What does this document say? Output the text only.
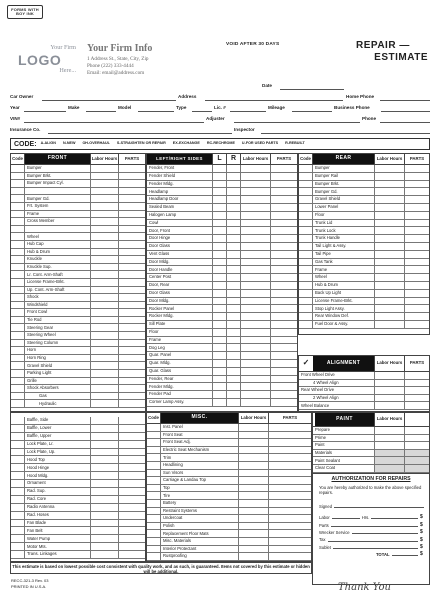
FORMS WITH BOY INK
Your Firm
LOGO
Here...
Your Firm Info
1 Address St., State, City, Zip
Phone (222) 333-4444
Email: email@address.com
VOID AFTER 30 DAYS	REPAIR —
ESTIMATE
Date
Car Owner	Address	Home Phone
Year	Make	Model	Type	Lic. #	Mileage	Business Phone
VIN#	Adjuster	Phone
Insurance Co.	Inspector
CODE: A-ALIGN N-NEW OH-OVERHAUL S-STRAIGHTEN OR REPAIR EX-EXCHANGE RC-RECHROME U-FOR USED PARTS R-REBUILT
Code	FRONT	Labor Hours	PARTS
Bumper
Bumper Brkt.
Bumper Impact Cyl.
Bumper Gd.
Frt. System
Frame
Cross Member
Wheel
Hub Cap
Hub & Drum
Knuckle
Knuckle Sup.
Lr. Cont. Arm-Shaft
License Frame-Brkt.
Up. Cont. Arm-Shaft
Shock
Windshield
Front Cowl
Tie Rod
Steering Gear
Steering Wheel
Steering Column
Horn
Horn Ring
Gravel Shield
Parking Light
Grille
Shock Absorbers
Gas
Hydraulic
LEFT/RIGHT SIDES	L	R	Labor Hours	PARTS
Fender, Front
Fender Shield
Fender Mldg.
Headlamp
Headlamp Door
Sealed Beam
Halogen Lamp
Cowl
Door, Front
Door Hinge
Door Glass
Vent Glass
Door Mldg.
Door Handle
Center Post
Door, Rear
Door Glass
Door Mldg.
Rocker Panel
Rocker Mldg.
Sill Plate
Floor
Frame
Dog Leg
Quar. Panel
Quar. Mldg.
Quar. Glass
Fender, Rear
Fender Mldg.
Fender Pad
Corner Lamp Assy.
Code	REAR	Labor Hours	PARTS
Bumper
Bumper Rail
Bumper Brkt.
Bumper Gd.
Gravel Shield
Lower Panel
Floor
Trunk Lid
Trunk Lock
Trunk Handle
Tail Light & Assy.
Tail Pipe
Gas Tank
Frame
Wheel
Hub & Drum
Back Up Light
License Frame-Brkt.
Stop Light Assy.
Rear Window Def.
Fuel Door & Assy.
✓	ALIGNMENT	Labor Hours	PARTS
Front Wheel Drive
4 Wheel Align
Rear Wheel Drive
2 Wheel Align
Wheel Balance
Baffle, Side
Baffle, Lower
Baffle, Upper
Lock Plate, Lr.
Lock Plate, Up.
Hood Top
Hood Hinge
Hood Mldg.
Ornament
Rad. Sup.
Rad. Core
Radio Antenna
Rad. Hoses
Fan Blade
Fan Belt
Water Pump
Motor Mts.
Trans. Linkages
Code	MISC.	Labor Hours	PARTS
Inst. Panel
Front Seat
Front Seat Adj.
Electric Seat Mechanism
Trim
Headlining
Sun Visors
Carriage & Landau Top
Top
Tire
Battery
Restraint Systems
Undercoat
Polish
Replacement Floor Mats
Misc. Materials
Interior Protectant
Rustproofing
PAINT	Labor Hours
Prepare
Prime
Paint
Materials
Paint Sealant
Clear Coat
AUTHORIZATION FOR REPAIRS
You are hereby authorized to make the above specified repairs.
Signed
Labor	Hrs.	$
Parts	$
Wrecker Service	$
Tax	$
Sublet	$
TOTAL	$
This estimate is based on lowest possible cost consistent with quality work, and as such, is guaranteed. Items not covered by this estimate or hidden will be additional.
RECC-321-3 Rev. 03
PRINTED IN U.S.A.	Thank You
